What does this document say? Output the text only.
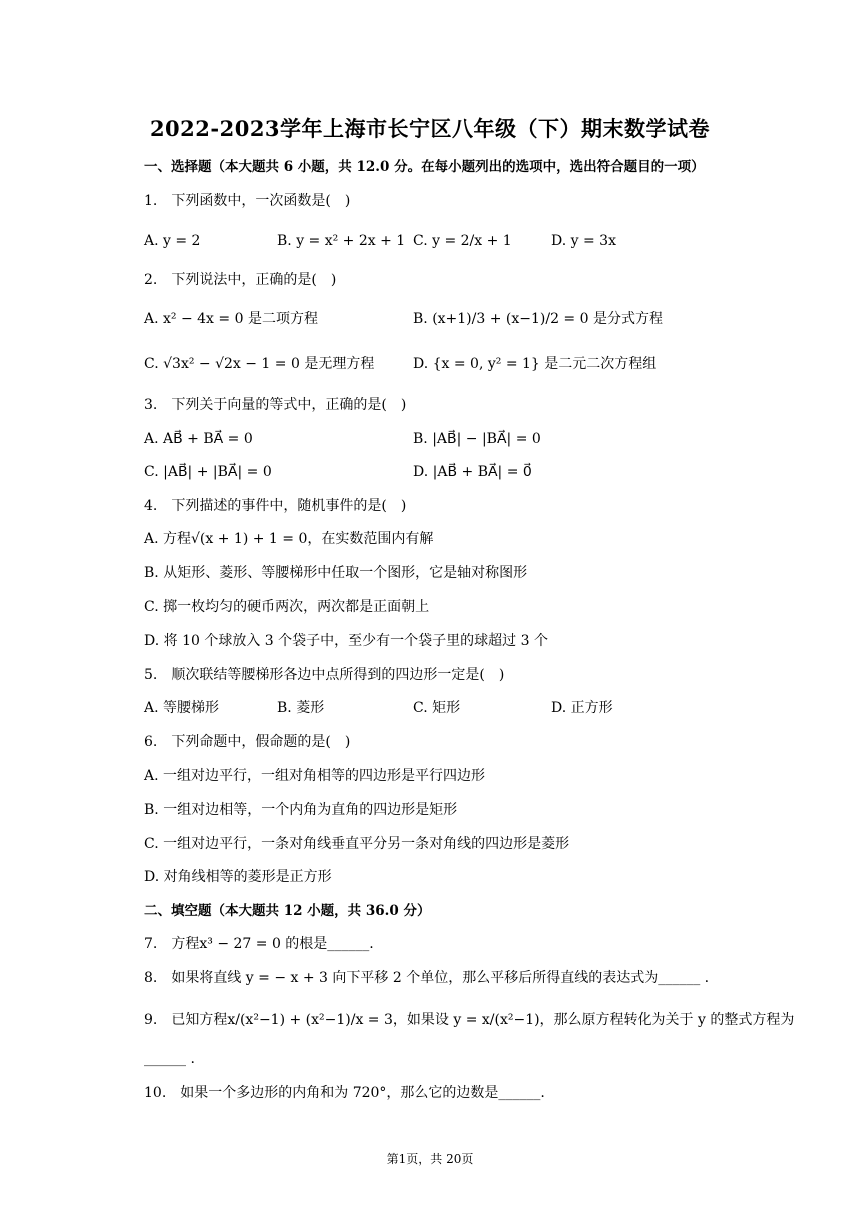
2022-2023学年上海市长宁区八年级（下）期末数学试卷
一、选择题（本大题共 6 小题，共 12.0 分。在每小题列出的选项中，选出符合题目的一项）
1.　下列函数中，一次函数是(　)
A. y = 2	B. y = x² + 2x + 1 C. y = 2/x + 1	D. y = 3x
2.　下列说法中，正确的是(　)
A. x² − 4x = 0 是二项方程	B. (x+1)/3 + (x−1)/2 = 0 是分式方程
C. √3x² − √2x − 1 = 0 是无理方程	D. {x = 0, y² = 1} 是二元二次方程组
3.　下列关于向量的等式中，正确的是(　)
A. AB⃗ + BA⃗ = 0	B. |AB⃗| − |BA⃗| = 0
C. |AB⃗| + |BA⃗| = 0	D. |AB⃗ + BA⃗| = 0⃗
4.　下列描述的事件中，随机事件的是(　)
A. 方程√(x + 1) + 1 = 0，在实数范围内有解
B. 从矩形、菱形、等腰梯形中任取一个图形，它是轴对称图形
C. 掷一枚均匀的硬币两次，两次都是正面朝上
D. 将 10 个球放入 3 个袋子中，至少有一个袋子里的球超过 3 个
5.　顺次联结等腰梯形各边中点所得到的四边形一定是(　)
A. 等腰梯形	B. 菱形	C. 矩形	D. 正方形
6.　下列命题中，假命题的是(　)
A. 一组对边平行，一组对角相等的四边形是平行四边形
B. 一组对边相等，一个内角为直角的四边形是矩形
C. 一组对边平行，一条对角线垂直平分另一条对角线的四边形是菱形
D. 对角线相等的菱形是正方形
二、填空题（本大题共 12 小题，共 36.0 分）
7.　方程x³ − 27 = 0 的根是______.
8.　如果将直线 y = − x + 3 向下平移 2 个单位，那么平移后所得直线的表达式为______ .
9.　已知方程x/(x²−1) + (x²−1)/x = 3，如果设 y = x/(x²−1)，那么原方程转化为关于 y 的整式方程为
______ .
10.　如果一个多边形的内角和为 720°，那么它的边数是______.
第1页，共 20页
